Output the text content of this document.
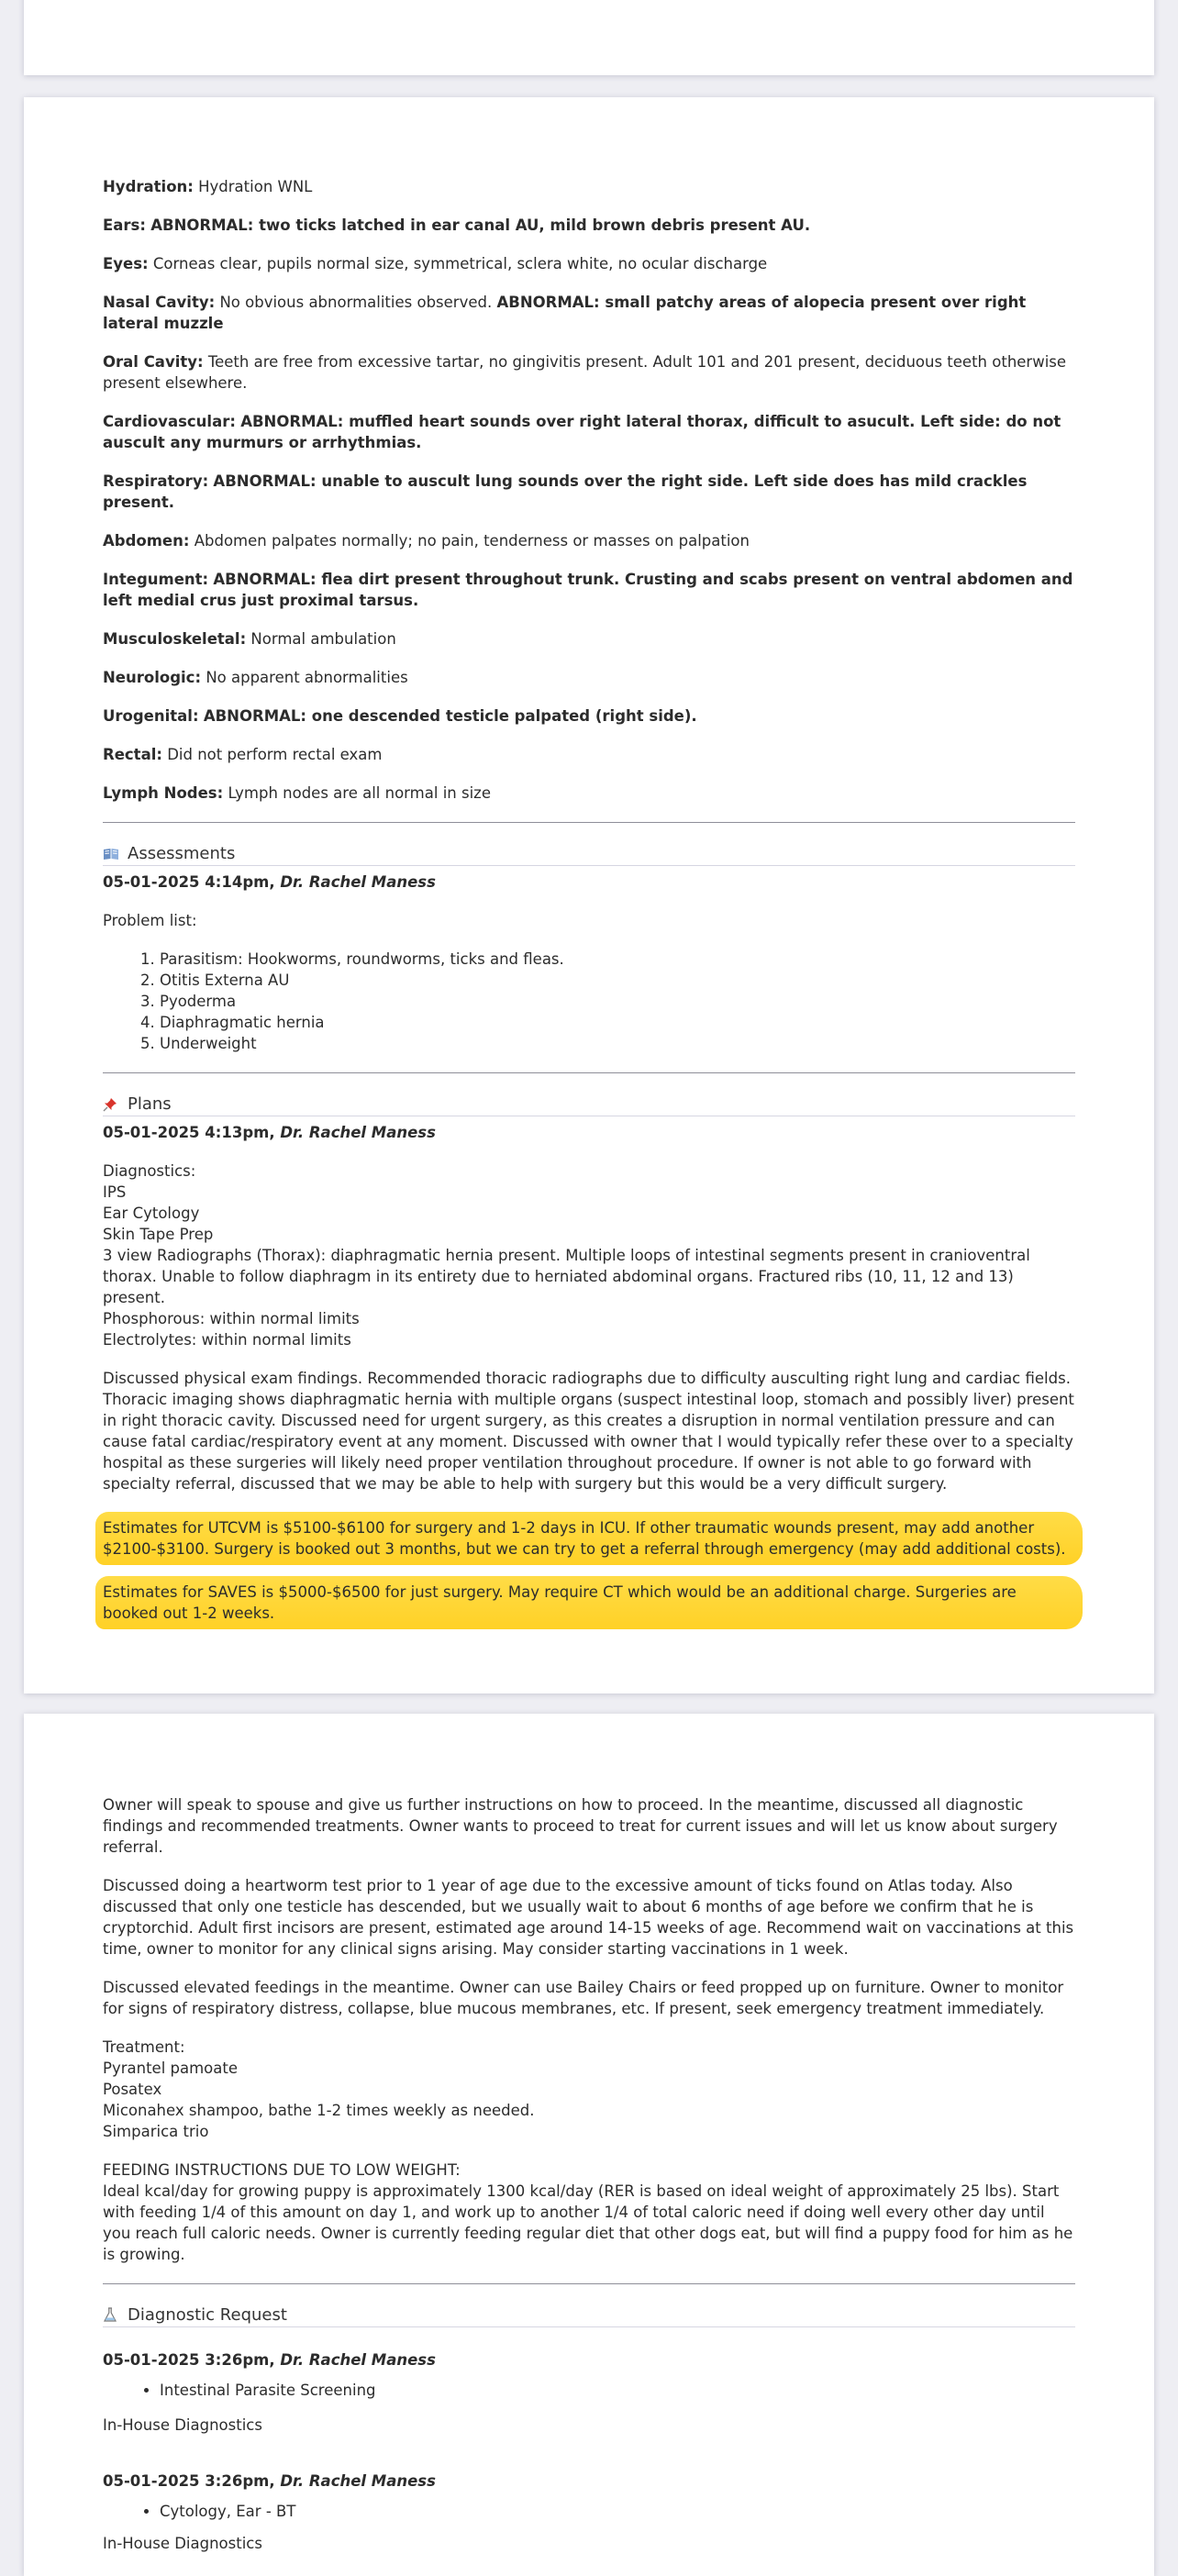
Hydration: Hydration WNL

Ears: ABNORMAL: two ticks latched in ear canal AU, mild brown debris present AU.

Eyes: Corneas clear, pupils normal size, symmetrical, sclera white, no ocular discharge

Nasal Cavity: No obvious abnormalities observed. ABNORMAL: small patchy areas of alopecia present over right lateral muzzle

Oral Cavity: Teeth are free from excessive tartar, no gingivitis present. Adult 101 and 201 present, deciduous teeth otherwise present elsewhere.

Cardiovascular: ABNORMAL: muffled heart sounds over right lateral thorax, difficult to asucult. Left side: do not auscult any murmurs or arrhythmias.

Respiratory: ABNORMAL: unable to auscult lung sounds over the right side. Left side does has mild crackles present.

Abdomen: Abdomen palpates normally; no pain, tenderness or masses on palpation

Integument: ABNORMAL: flea dirt present throughout trunk. Crusting and scabs present on ventral abdomen and left medial crus just proximal tarsus.

Musculoskeletal: Normal ambulation

Neurologic: No apparent abnormalities

Urogenital: ABNORMAL: one descended testicle palpated (right side).

Rectal: Did not perform rectal exam

Lymph Nodes: Lymph nodes are all normal in size

Assessments
05-01-2025 4:14pm, Dr. Rachel Maness

Problem list:

1. Parasitism: Hookworms, roundworms, ticks and fleas.
2. Otitis Externa AU
3. Pyoderma
4. Diaphragmatic hernia
5. Underweight
Plans
05-01-2025 4:13pm, Dr. Rachel Maness
Diagnostics:
IPS
Ear Cytology
Skin Tape Prep
3 view Radiographs (Thorax): diaphragmatic hernia present. Multiple loops of intestinal segments present in cranioventral thorax. Unable to follow diaphragm in its entirety due to herniated abdominal organs. Fractured ribs (10, 11, 12 and 13) present.
Phosphorous: within normal limits
Electrolytes: within normal limits

Discussed physical exam findings. Recommended thoracic radiographs due to difficulty ausculting right lung and cardiac fields. Thoracic imaging shows diaphragmatic hernia with multiple organs (suspect intestinal loop, stomach and possibly liver) present in right thoracic cavity. Discussed need for urgent surgery, as this creates a disruption in normal ventilation pressure and can cause fatal cardiac/respiratory event at any moment. Discussed with owner that I would typically refer these over to a specialty hospital as these surgeries will likely need proper ventilation throughout procedure. If owner is not able to go forward with specialty referral, discussed that we may be able to help with surgery but this would be a very difficult surgery.

Estimates for UTCVM is $5100-$6100 for surgery and 1-2 days in ICU. If other traumatic wounds present, may add another $2100-$3100. Surgery is booked out 3 months, but we can try to get a referral through emergency (may add additional costs).

Estimates for SAVES is $5000-$6500 for just surgery. May require CT which would be an additional charge. Surgeries are booked out 1-2 weeks.

Owner will speak to spouse and give us further instructions on how to proceed. In the meantime, discussed all diagnostic findings and recommended treatments. Owner wants to proceed to treat for current issues and will let us know about surgery referral.

Discussed doing a heartworm test prior to 1 year of age due to the excessive amount of ticks found on Atlas today. Also discussed that only one testicle has descended, but we usually wait to about 6 months of age before we confirm that he is cryptorchid. Adult first incisors are present, estimated age around 14-15 weeks of age. Recommend wait on vaccinations at this time, owner to monitor for any clinical signs arising. May consider starting vaccinations in 1 week.

Discussed elevated feedings in the meantime. Owner can use Bailey Chairs or feed propped up on furniture. Owner to monitor for signs of respiratory distress, collapse, blue mucous membranes, etc. If present, seek emergency treatment immediately.

Treatment:
Pyrantel pamoate
Posatex
Miconahex shampoo, bathe 1-2 times weekly as needed.
Simparica trio
FEEDING INSTRUCTIONS DUE TO LOW WEIGHT:
Ideal kcal/day for growing puppy is approximately 1300 kcal/day (RER is based on ideal weight of approximately 25 lbs). Start with feeding 1/4 of this amount on day 1, and work up to another 1/4 of total caloric need if doing well every other day until you reach full caloric needs. Owner is currently feeding regular diet that other dogs eat, but will find a puppy food for him as he is growing.
Diagnostic Request
05-01-2025 3:26pm, Dr. Rachel Maness
• Intestinal Parasite Screening

In-House Diagnostics

05-01-2025 3:26pm, Dr. Rachel Maness
• Cytology, Ear - BT

In-House Diagnostics
